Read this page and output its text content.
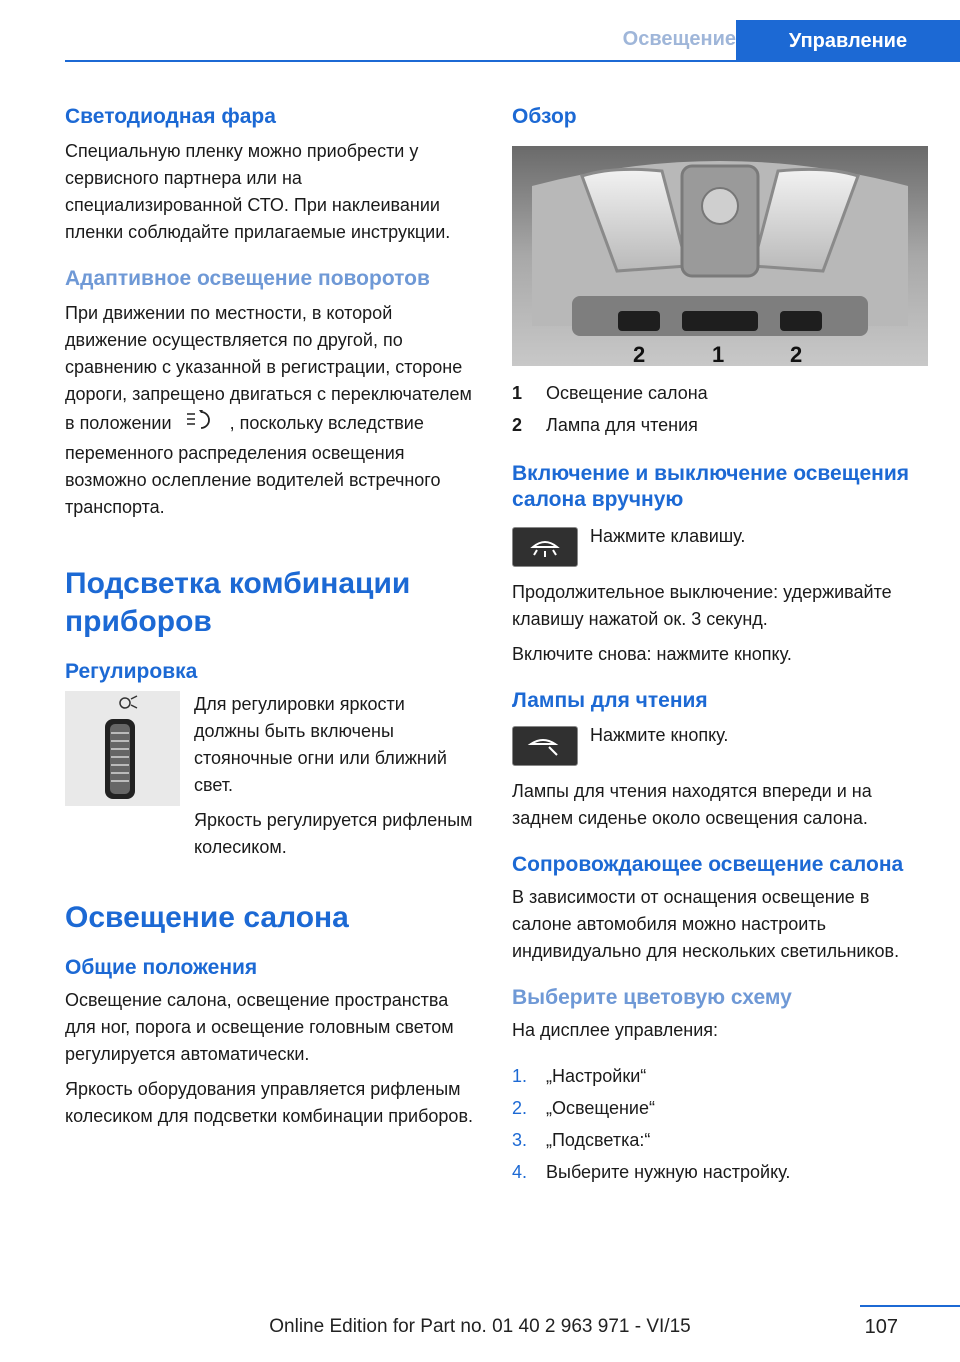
Освещение	Управление
Светодиодная фара

Специальную пленку можно приобрести у сервисного партнера или на специализированной СТО. При наклеивании пленки соблюдайте прилагаемые инструкции.

Адаптивное освещение поворотов

При движении по местности, в которой движение осуществляется по другой, по сравнению с указанной в регистрации, стороне дороги, запрещено двигаться с переключателем в положении	, поскольку вследствие переменного распределения освещения возможно ослепление водителей встречного транспорта.

Подсветка комбинации приборов
Регулировка

Для регулировки яркости должны быть включены стояночные огни или ближний свет.

Яркость регулируется рифленым колесиком.

Освещение салона
Общие положения

Освещение салона, освещение пространства для ног, порога и освещение головным светом регулируется автоматически.

Яркость оборудования управляется рифленым колесиком для подсветки комбинации приборов.

Обзор
2	1	2
1	Освещение салона
2	Лампа для чтения
Включение и выключение освещения салона вручную

Нажмите клавишу.

Продолжительное выключение: удерживайте клавишу нажатой ок. 3 секунд.

Включите снова: нажмите кнопку.

Лампы для чтения

Нажмите кнопку.

Лампы для чтения находятся впереди и на заднем сиденье около освещения салона.

Сопровождающее освещение салона

В зависимости от оснащения освещение в салоне автомобиля можно настроить индивидуально для нескольких светильников.

Выберите цветовую схему

На дисплее управления:

1.	„Настройки“
2.	„Освещение“
3.	„Подсветка:“
4.	Выберите нужную настройку.
Online Edition for Part no. 01 40 2 963 971 - VI/15	107
